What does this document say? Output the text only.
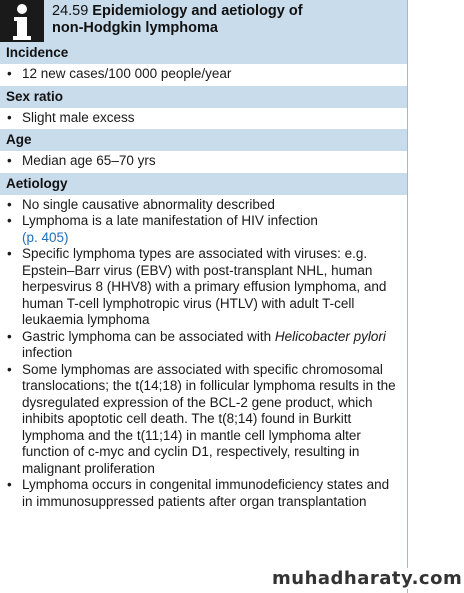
24.59 Epidemiology and aetiology of
non-Hodgkin lymphoma
Incidence
• 12 new cases/100 000 people/year
Sex ratio
• Slight male excess
Age
• Median age 65–70 yrs
Aetiology
• No single causative abnormality described
• Lymphoma is a late manifestation of HIV infection
(p. 405)
• Specific lymphoma types are associated with viruses: e.g. Epstein–Barr virus (EBV) with post-transplant NHL, human herpesvirus 8 (HHV8) with a primary effusion lymphoma, and human T-cell lymphotropic virus (HTLV) with adult T-cell leukaemia lymphoma
• Gastric lymphoma can be associated with Helicobacter pylori infection
• Some lymphomas are associated with specific chromosomal translocations; the t(14;18) in follicular lymphoma results in the dysregulated expression of the BCL-2 gene product, which inhibits apoptotic cell death. The t(8;14) found in Burkitt lymphoma and the t(11;14) in mantle cell lymphoma alter function of c-myc and cyclin D1, respectively, resulting in malignant proliferation
• Lymphoma occurs in congenital immunodeficiency states and in immunosuppressed patients after organ transplantation
muhadharaty.com
